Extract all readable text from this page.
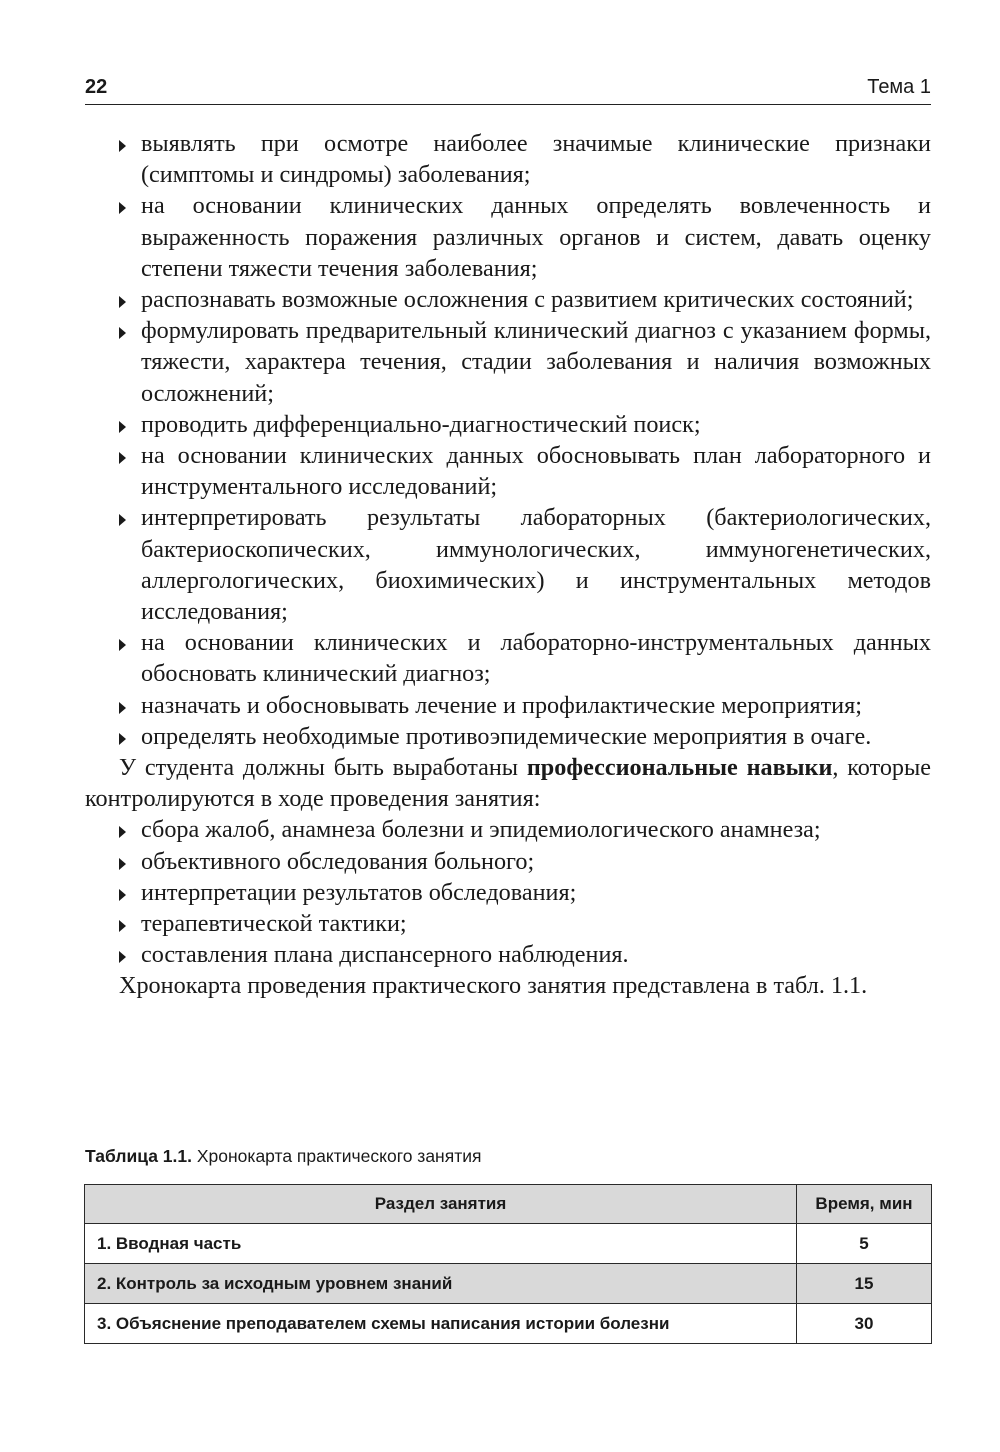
22	Тема 1
выявлять при осмотре наиболее значимые клинические признаки (симптомы и синдромы) заболевания;
на основании клинических данных определять вовлеченность и выраженность поражения различных органов и систем, давать оценку степени тяжести течения заболевания;
распознавать возможные осложнения с развитием критических состояний;
формулировать предварительный клинический диагноз с указанием формы, тяжести, характера течения, стадии заболевания и наличия возможных осложнений;
проводить дифференциально-диагностический поиск;
на основании клинических данных обосновывать план лабораторного и инструментального исследований;
интерпретировать результаты лабораторных (бактериологических, бактериоскопических, иммунологических, иммуногенетических, аллергологических, биохимических) и инструментальных методов исследования;
на основании клинических и лабораторно-инструментальных данных обосновать клинический диагноз;
назначать и обосновывать лечение и профилактические мероприятия;
определять необходимые противоэпидемические мероприятия в очаге.

У студента должны быть выработаны профессиональные навыки, которые контролируются в ходе проведения занятия:

сбора жалоб, анамнеза болезни и эпидемиологического анамнеза;
объективного обследования больного;
интерпретации результатов обследования;
терапевтической тактики;
составления плана диспансерного наблюдения.

Хронокарта проведения практического занятия представлена в табл. 1.1.

Таблица 1.1. Хронокарта практического занятия
Раздел занятия	Время, мин
1. Вводная часть	5
2. Контроль за исходным уровнем знаний	15
3. Объяснение преподавателем схемы написания истории болезни	30
